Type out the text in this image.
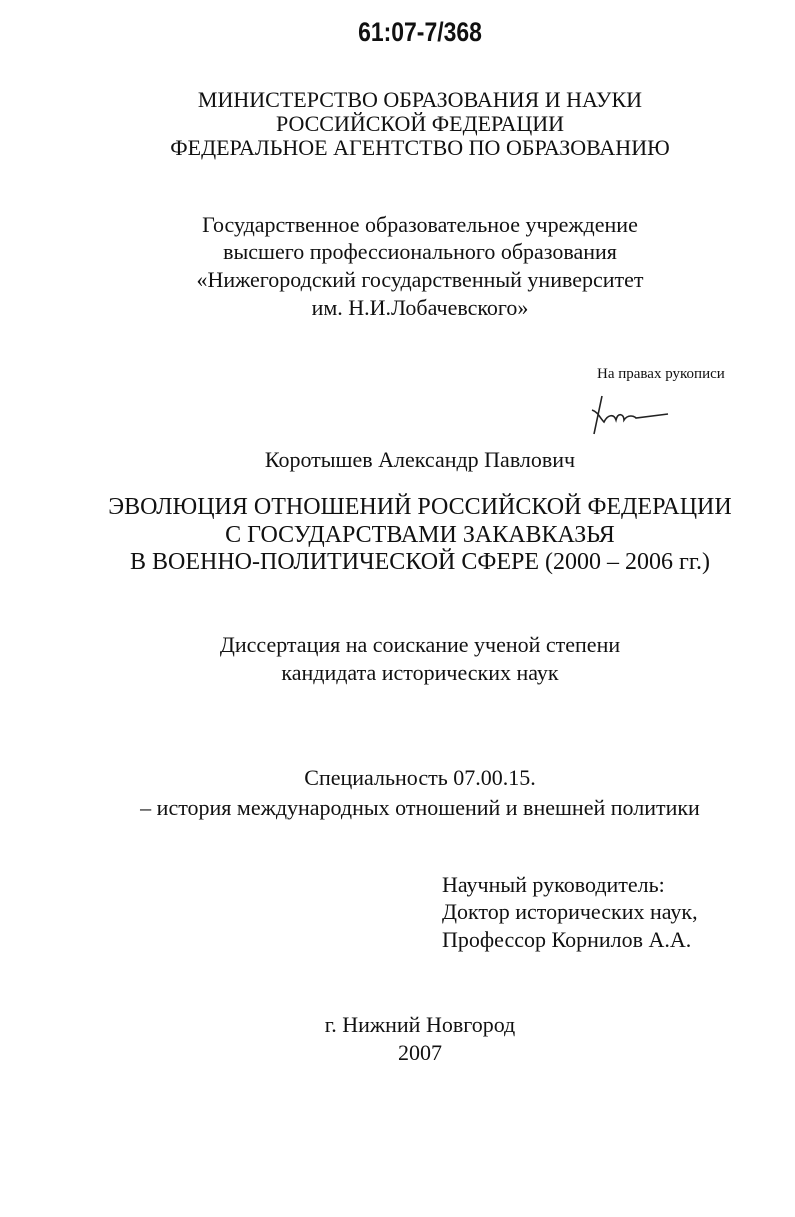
61:07-7/368
МИНИСТЕРСТВО ОБРАЗОВАНИЯ И НАУКИ
РОССИЙСКОЙ ФЕДЕРАЦИИ
ФЕДЕРАЛЬНОЕ АГЕНТСТВО ПО ОБРАЗОВАНИЮ
Государственное образовательное учреждение
высшего профессионального образования
«Нижегородский государственный университет
им. Н.И.Лобачевского»
На правах рукописи
Коротышев Александр Павлович
ЭВОЛЮЦИЯ ОТНОШЕНИЙ РОССИЙСКОЙ ФЕДЕРАЦИИ
С ГОСУДАРСТВАМИ ЗАКАВКАЗЬЯ
В ВОЕННО-ПОЛИТИЧЕСКОЙ СФЕРЕ (2000 – 2006 гг.)
Диссертация на соискание ученой степени
кандидата исторических наук
Специальность 07.00.15.
– история международных отношений и внешней политики
Научный руководитель:
Доктор исторических наук,
Профессор Корнилов А.А.
г. Нижний Новгород
2007
